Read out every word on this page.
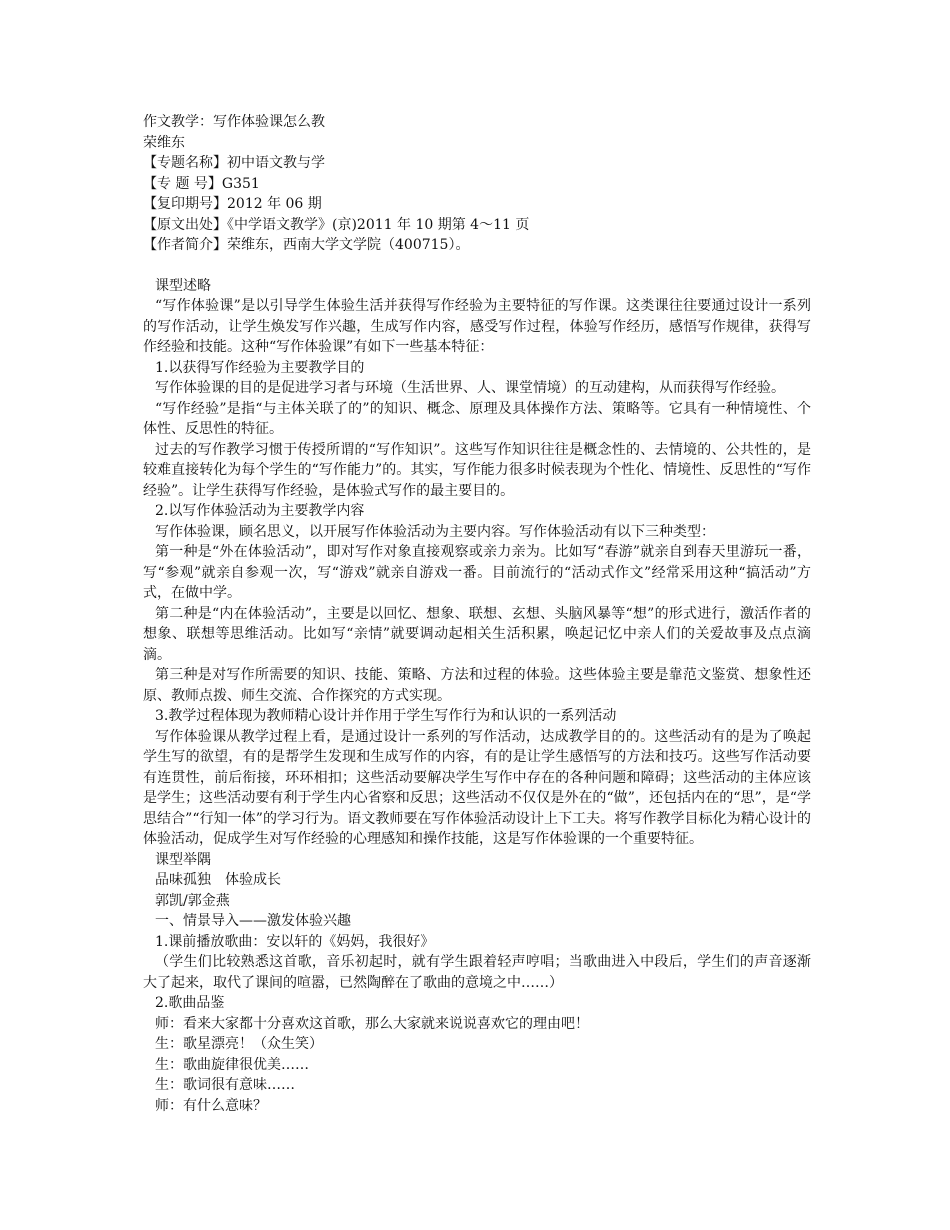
作文教学：写作体验课怎么教

荣维东

【专题名称】初中语文教与学

【专 题 号】G351

【复印期号】2012 年 06 期

【原文出处】《中学语文教学》(京)2011 年 10 期第 4～11 页

【作者简介】荣维东，西南大学文学院（400715）。

课型述略

“写作体验课”是以引导学生体验生活并获得写作经验为主要特征的写作课。这类课往往要通过设计一系列的写作活动，让学生焕发写作兴趣，生成写作内容，感受写作过程，体验写作经历，感悟写作规律，获得写作经验和技能。这种“写作体验课”有如下一些基本特征：

1.以获得写作经验为主要教学目的

写作体验课的目的是促进学习者与环境（生活世界、人、课堂情境）的互动建构，从而获得写作经验。

“写作经验”是指“与主体关联了的”的知识、概念、原理及具体操作方法、策略等。它具有一种情境性、个体性、反思性的特征。

过去的写作教学习惯于传授所谓的“写作知识”。这些写作知识往往是概念性的、去情境的、公共性的，是较难直接转化为每个学生的“写作能力”的。其实，写作能力很多时候表现为个性化、情境性、反思性的“写作经验”。让学生获得写作经验，是体验式写作的最主要目的。

2.以写作体验活动为主要教学内容

写作体验课，顾名思义，以开展写作体验活动为主要内容。写作体验活动有以下三种类型：

第一种是“外在体验活动”，即对写作对象直接观察或亲力亲为。比如写“春游”就亲自到春天里游玩一番，写“参观”就亲自参观一次，写“游戏”就亲自游戏一番。目前流行的“活动式作文”经常采用这种“搞活动”方式，在做中学。

第二种是“内在体验活动”，主要是以回忆、想象、联想、玄想、头脑风暴等“想”的形式进行，激活作者的想象、联想等思维活动。比如写“亲情”就要调动起相关生活积累，唤起记忆中亲人们的关爱故事及点点滴滴。

第三种是对写作所需要的知识、技能、策略、方法和过程的体验。这些体验主要是靠范文鉴赏、想象性还原、教师点拨、师生交流、合作探究的方式实现。

3.教学过程体现为教师精心设计并作用于学生写作行为和认识的一系列活动

写作体验课从教学过程上看，是通过设计一系列的写作活动，达成教学目的的。这些活动有的是为了唤起学生写的欲望，有的是帮学生发现和生成写作的内容，有的是让学生感悟写的方法和技巧。这些写作活动要有连贯性，前后衔接，环环相扣；这些活动要解决学生写作中存在的各种问题和障碍；这些活动的主体应该是学生；这些活动要有利于学生内心省察和反思；这些活动不仅仅是外在的“做”，还包括内在的“思”，是“学思结合”“行知一体”的学习行为。语文教师要在写作体验活动设计上下工夫。将写作教学目标化为精心设计的体验活动，促成学生对写作经验的心理感知和操作技能，这是写作体验课的一个重要特征。

课型举隅

品味孤独　体验成长

郭凯/郭金燕

一、情景导入——激发体验兴趣

1.课前播放歌曲：安以轩的《妈妈，我很好》

（学生们比较熟悉这首歌，音乐初起时，就有学生跟着轻声哼唱；当歌曲进入中段后，学生们的声音逐渐大了起来，取代了课间的喧嚣，已然陶醉在了歌曲的意境之中……）

2.歌曲品鉴

师：看来大家都十分喜欢这首歌，那么大家就来说说喜欢它的理由吧！

生：歌星漂亮！（众生笑）

生：歌曲旋律很优美……

生：歌词很有意味……

师：有什么意味？
